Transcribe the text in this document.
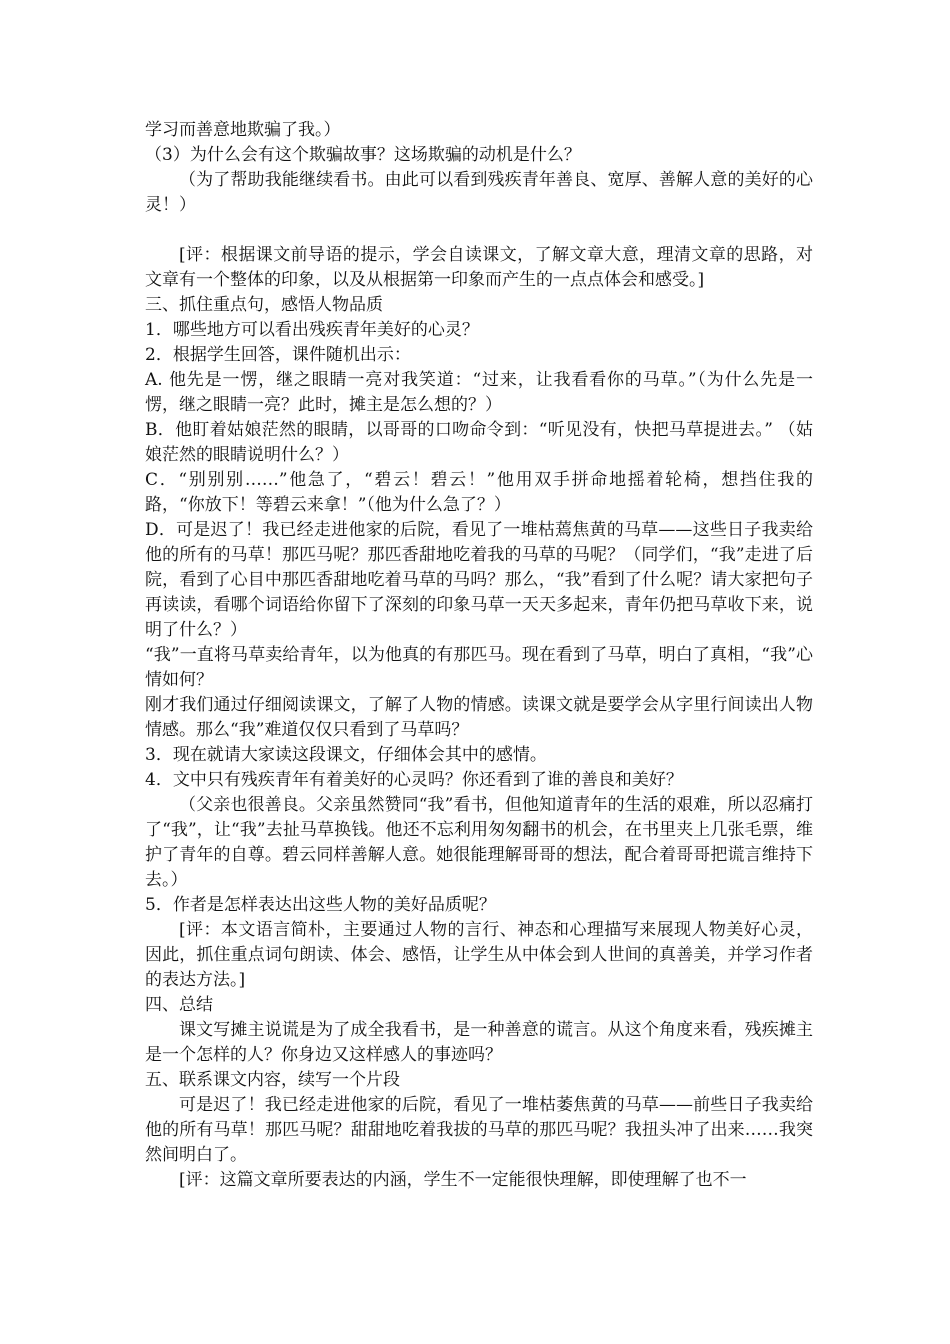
学习而善意地欺骗了我。）

（3）为什么会有这个欺骗故事？这场欺骗的动机是什么？

（为了帮助我能继续看书。由此可以看到残疾青年善良、宽厚、善解人意的美好的心灵！）

[评：根据课文前导语的提示，学会自读课文，了解文章大意，理清文章的思路，对文章有一个整体的印象，以及从根据第一印象而产生的一点点体会和感受。]

三、抓住重点句，感悟人物品质

1．哪些地方可以看出残疾青年美好的心灵？

2．根据学生回答，课件随机出示：

A. 他先是一愣，继之眼睛一亮对我笑道：“过来，让我看看你的马草。”（为什么先是一愣，继之眼睛一亮？此时，摊主是怎么想的？）

B．他盯着姑娘茫然的眼睛，以哥哥的口吻命令到：“听见没有，快把马草提进去。” （姑娘茫然的眼睛说明什么？）

C．“别别别……”他急了，“碧云！碧云！”他用双手拼命地摇着轮椅，想挡住我的路，“你放下！等碧云来拿！”（他为什么急了？）

D．可是迟了！我已经走进他家的后院，看见了一堆枯蔫焦黄的马草——这些日子我卖给他的所有的马草！那匹马呢？那匹香甜地吃着我的马草的马呢？（同学们，“我”走进了后院，看到了心目中那匹香甜地吃着马草的马吗？那么，“我”看到了什么呢？请大家把句子再读读，看哪个词语给你留下了深刻的印象马草一天天多起来，青年仍把马草收下来，说明了什么？）

“我”一直将马草卖给青年，以为他真的有那匹马。现在看到了马草，明白了真相，“我”心情如何？

刚才我们通过仔细阅读课文，了解了人物的情感。读课文就是要学会从字里行间读出人物情感。那么“我”难道仅仅只看到了马草吗？

3．现在就请大家读这段课文，仔细体会其中的感情。

4．文中只有残疾青年有着美好的心灵吗？你还看到了谁的善良和美好？

（父亲也很善良。父亲虽然赞同“我”看书，但他知道青年的生活的艰难，所以忍痛打了“我”，让“我”去扯马草换钱。他还不忘利用匆匆翻书的机会，在书里夹上几张毛票，维护了青年的自尊。碧云同样善解人意。她很能理解哥哥的想法，配合着哥哥把谎言维持下去。）

5．作者是怎样表达出这些人物的美好品质呢？

[评：本文语言简朴，主要通过人物的言行、神态和心理描写来展现人物美好心灵，因此，抓住重点词句朗读、体会、感悟，让学生从中体会到人世间的真善美，并学习作者的表达方法。]

四、总结

课文写摊主说谎是为了成全我看书，是一种善意的谎言。从这个角度来看，残疾摊主是一个怎样的人？你身边又这样感人的事迹吗？

五、联系课文内容，续写一个片段

可是迟了！我已经走进他家的后院，看见了一堆枯萎焦黄的马草——前些日子我卖给他的所有马草！那匹马呢？甜甜地吃着我拔的马草的那匹马呢？我扭头冲了出来……我突然间明白了。

[评：这篇文章所要表达的内涵，学生不一定能很快理解，即使理解了也不一
